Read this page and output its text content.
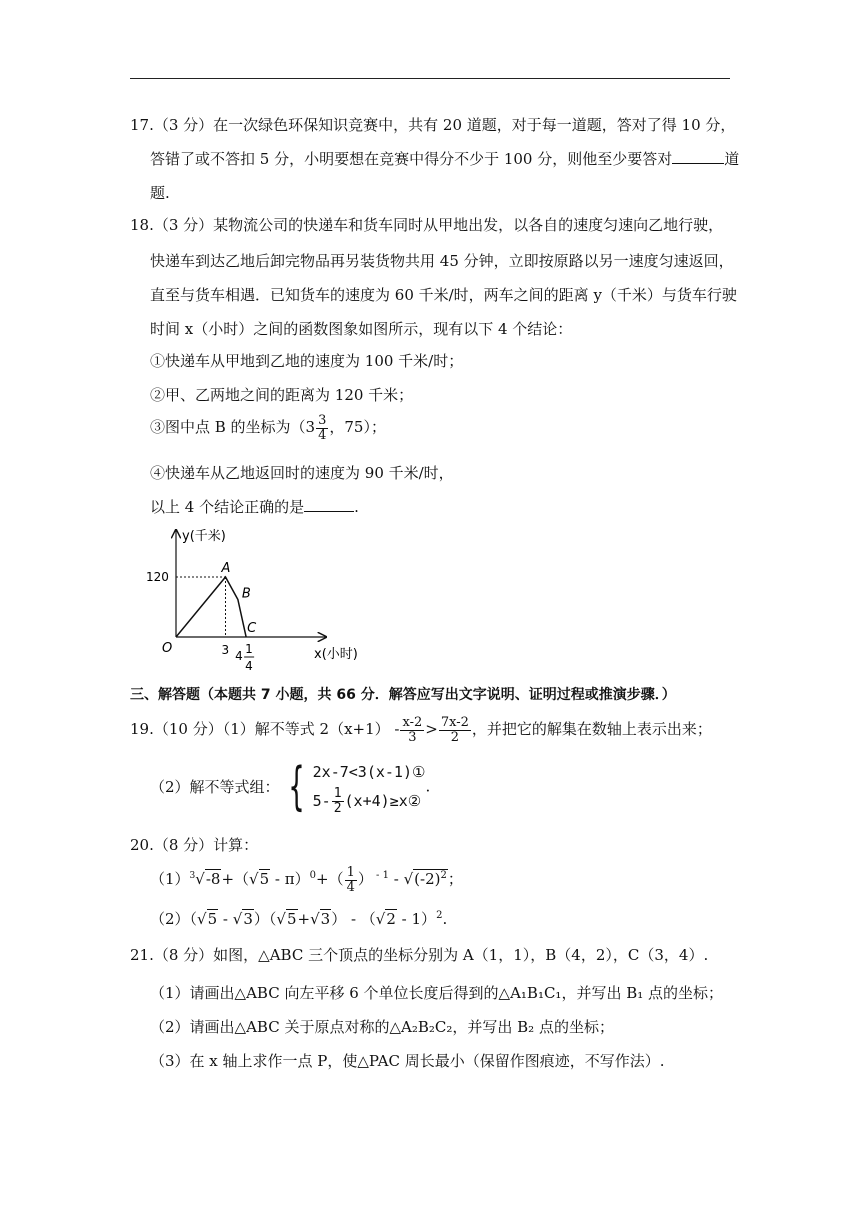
17.（3 分）在一次绿色环保知识竞赛中，共有 20 道题，对于每一道题，答对了得 10 分，
答错了或不答扣 5 分，小明要想在竞赛中得分不少于 100 分，则他至少要答对	道
题.
18.（3 分）某物流公司的快递车和货车同时从甲地出发，以各自的速度匀速向乙地行驶，
快递车到达乙地后卸完物品再另装货物共用 45 分钟，立即按原路以另一速度匀速返回，
直至与货车相遇．已知货车的速度为 60 千米/时，两车之间的距离 y（千米）与货车行驶
时间 x（小时）之间的函数图象如图所示，现有以下 4 个结论：
①快递车从甲地到乙地的速度为 100 千米/时；
②甲、乙两地之间的距离为 120 千米；
③图中点 B 的坐标为（$3 \frac{3}{4}$ ，75）；
④快递车从乙地返回时的速度为 90 千米/时，
以上 4 个结论正确的是	.
y(千米)
x(小时)
120
3 4 1
4
O
A
B
C
三、解答题（本题共 7 小题，共 66 分．解答应写出文字说明、证明过程或推演步骤．）
19.（10 分）（1）解不等式 $2(x+1) - \frac{x-2}{3} > \frac{7x-2}{2}$ ，并把它的解集在数轴上表示出来；
（2）解不等式组： { 2x-7<3(x-1)①
$5- \frac{1}{2}$ (x+4)≥x②
.
20.（8 分）计算：
$(1)^3√-8+(√5 - \pi)^0+( \frac{1}{4}$ ） $^{- 1} - √(-2)^2$；
（2）（√5 - √3）（√5+√3） - （√2 - 1）$^2$.
21.（8 分）如图，△ABC 三个顶点的坐标分别为 A（1，1），B（4，2），C（3，4）.
（1）请画出△ABC 向左平移 6 个单位长度后得到的△A₁B₁C₁，并写出 B₁ 点的坐标；
（2）请画出△ABC 关于原点对称的△A₂B₂C₂，并写出 B₂ 点的坐标；
（3）在 x 轴上求作一点 P，使△PAC 周长最小（保留作图痕迹，不写作法）.
